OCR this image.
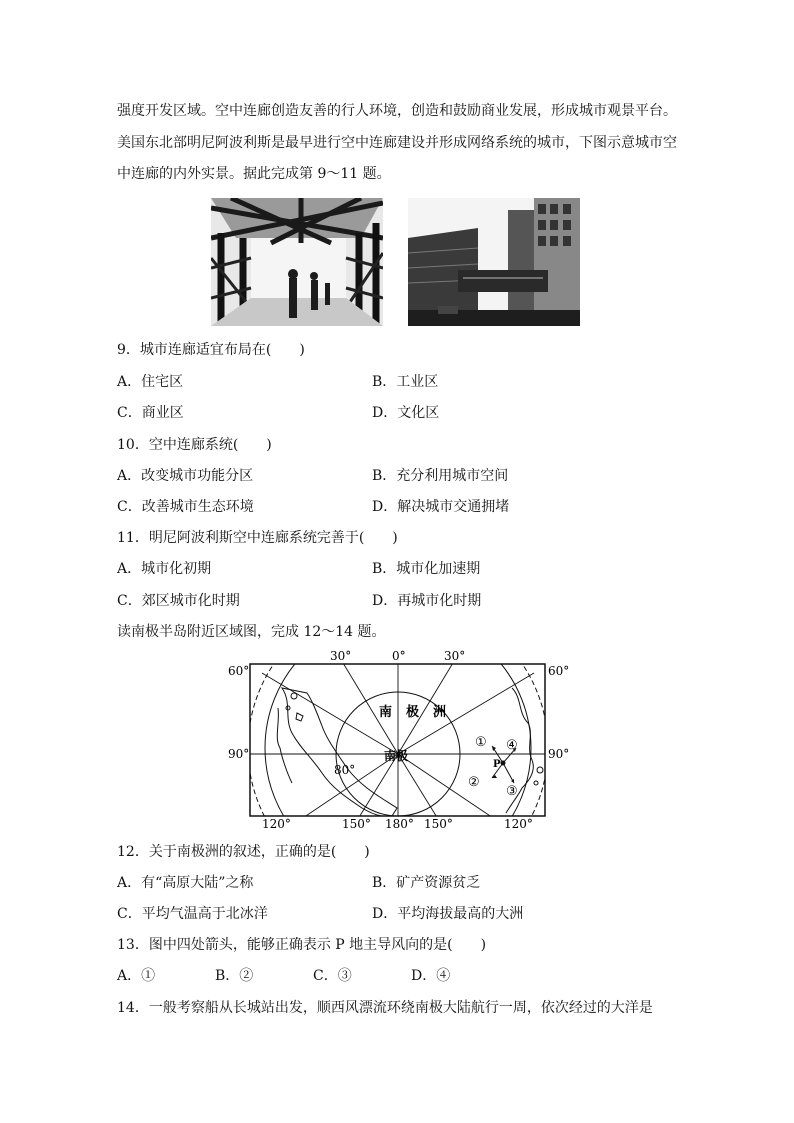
强度开发区域。空中连廊创造友善的行人环境，创造和鼓励商业发展，形成城市观景平台。
美国东北部明尼阿波利斯是最早进行空中连廊建设并形成网络系统的城市，下图示意城市空
中连廊的内外实景。据此完成第 9～11 题。
9．城市连廊适宜布局在(　　)
A．住宅区	B．工业区
C．商业区	D．文化区
10．空中连廊系统(　　)
A．改变城市功能分区	B．充分利用城市空间
C．改善城市生态环境	D．解决城市交通拥堵
11．明尼阿波利斯空中连廊系统完善于(　　)
A．城市化初期	B．城市化加速期
C．郊区城市化时期	D．再城市化时期
读南极半岛附近区域图，完成 12～14 题。
60°	60°
90°	90°
30°	0°	30°
120°	150° 180° 150°	120°
80°
南 极 洲
南极
P
①
②
③
④
12．关于南极洲的叙述，正确的是(　　)
A．有“高原大陆”之称	B．矿产资源贫乏
C．平均气温高于北冰洋	D．平均海拔最高的大洲
13．图中四处箭头，能够正确表示 P 地主导风向的是(　　)
A．①	B．②	C．③	D．④
14．一般考察船从长城站出发，顺西风漂流环绕南极大陆航行一周，依次经过的大洋是
